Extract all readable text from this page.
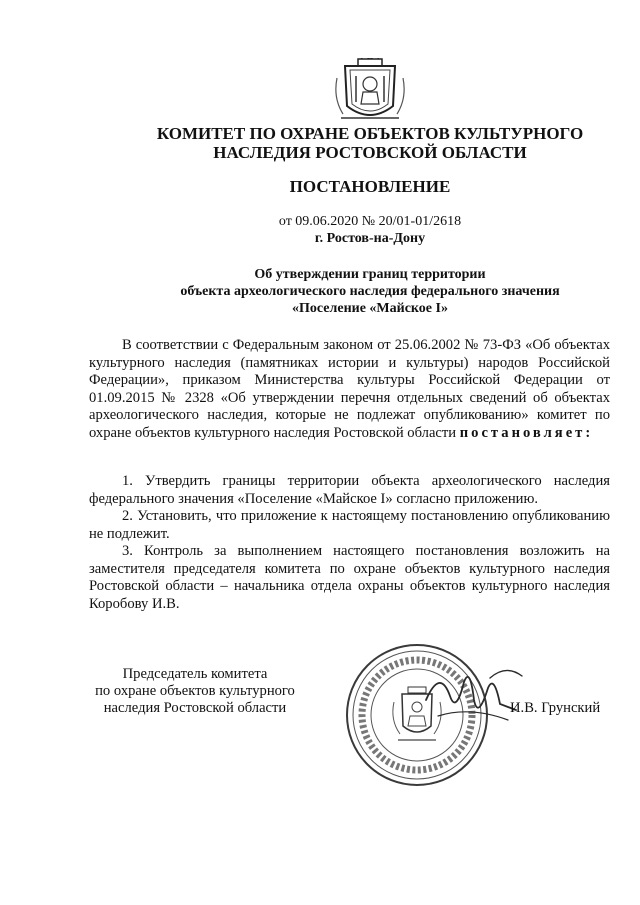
КОМИТЕТ ПО ОХРАНЕ ОБЪЕКТОВ КУЛЬТУРНОГО
НАСЛЕДИЯ РОСТОВСКОЙ ОБЛАСТИ
ПОСТАНОВЛЕНИЕ
от 09.06.2020 № 20/01-01/2618
г. Ростов-на-Дону
Об утверждении границ территории
объекта археологического наследия федерального значения
«Поселение «Майское I»
В соответствии с Федеральным законом от 25.06.2002 № 73-ФЗ «Об объектах культурного наследия (памятниках истории и культуры) народов Российской Федерации», приказом Министерства культуры Российской Федерации от 01.09.2015 № 2328 «Об утверждении перечня отдельных сведений об объектах археологического наследия, которые не подлежат опубликованию» комитет по охране объектов культурного наследия Ростовской области постановляет:
1. Утвердить границы территории объекта археологического наследия федерального значения «Поселение «Майское I» согласно приложению.
2. Установить, что приложение к настоящему постановлению опубликованию не подлежит.
3. Контроль за выполнением настоящего постановления возложить на заместителя председателя комитета по охране объектов культурного наследия Ростовской области – начальника отдела охраны объектов культурного наследия Коробову И.В.
Председатель комитета
по охране объектов культурного
наследия Ростовской области	И.В. Грунский
